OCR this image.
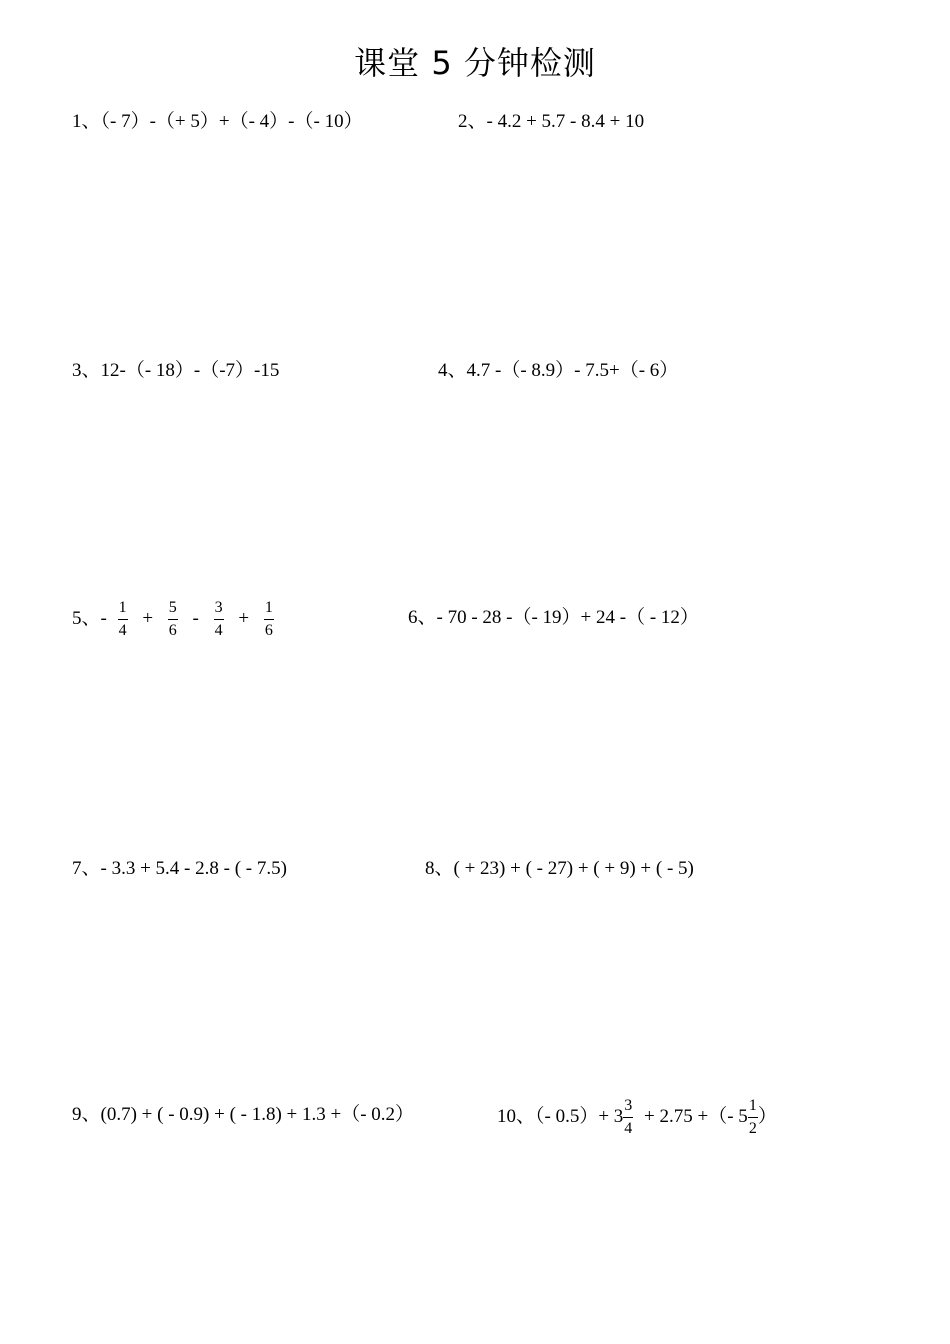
课堂 5 分钟检测
1、（- 7）-（+ 5）+（- 4）-（- 10）	2、- 4.2 + 5.7 - 8.4 + 10
3、12-（- 18）-（-7）-15	4、4.7 -（- 8.9）- 7.5+（- 6）
5、- $\frac{1}{4} + \frac{5}{6} - \frac{3}{4} + \frac{1}{6}$	6、- 70 - 28 -（- 19）+ 24 -（ - 12）
7、- 3.3 + 5.4 - 2.8 - ( - 7.5)	8、( + 23) + ( - 27) + ( + 9) + ( - 5)
9、(0.7) + ( - 0.9) + ( - 1.8) + 1.3 +（- 0.2）	10、（- $0.5)+ 3 \frac{3}{4} + 2.75$ +（- $5 \frac{1}{2}$ ）
